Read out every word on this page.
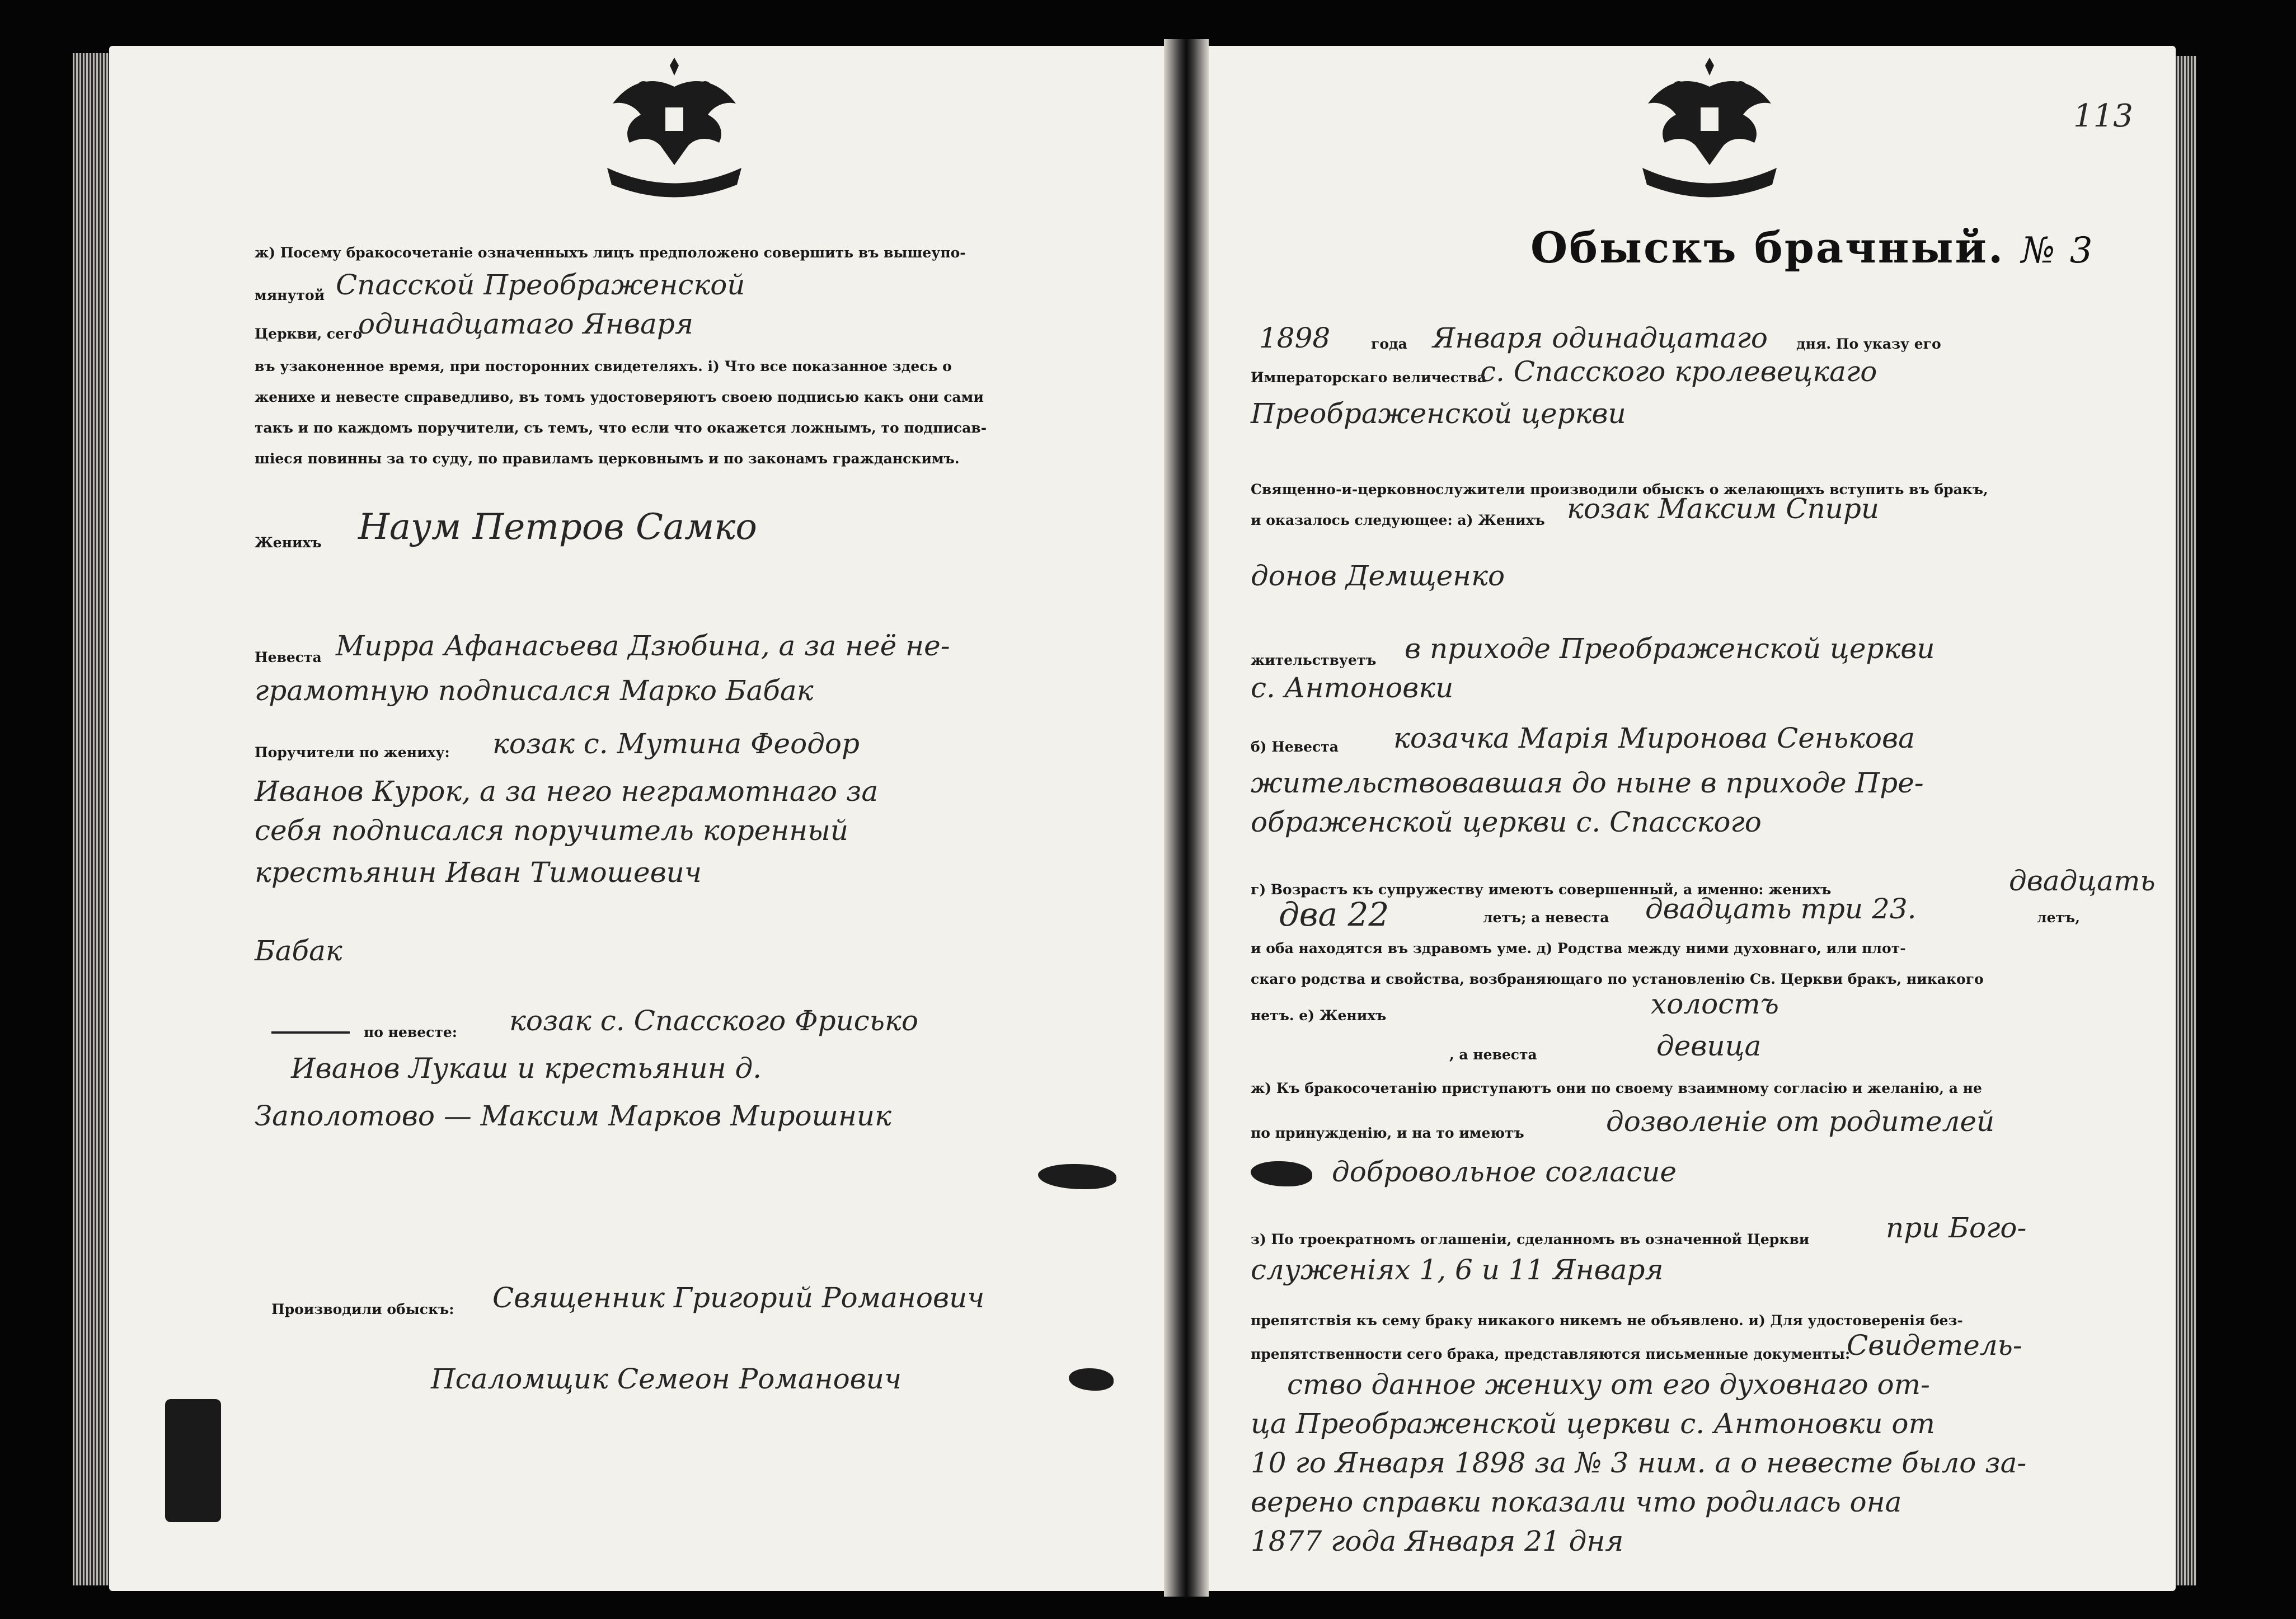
ж) Посему бракосочетанiе означенныхъ лицъ предположено совершить въ вышеупо-
мянутой Спасской Преображенской
Церкви, сего
одинадцатаго Января
въ узаконенное время, при посторонних свидетеляхъ. i) Что все показанное здесь о
женихе и невесте справедливо, въ томъ удостоверяютъ своею подписью какъ они сами
такъ и по каждомъ поручители, съ темъ, что если что окажется ложнымъ, то подписав-
шiеся повинны за то суду, по правиламъ церковнымъ и по законамъ гражданскимъ.
Женихъ Наум Петров Самко
Невеста Мирра Афанасьева Дзюбина, а за неё не-
грамотную подписался Марко Бабак
Поручители по жениху: козак с. Мутина Феодор
Иванов Курок, а за него неграмотнаго за
себя подписался поручитель коренный
крестьянин Иван Тимошевич
Бабак
по невесте: козак с. Спасского Фрисько
Иванов Лукаш и крестьянин д.
Заполотово — Максим Марков Мирошник
Производили обыскъ: Священник Григорий Романович
Псаломщик Семеон Романович
113
Обыскъ брачный. № 3
1898	года Января одинадцатаго дня. По указу его
Императорскаго величества
с. Спасского кролевецкаго
Преображенской церкви
Священно-и-церковнослужители производили обыскъ о желающихъ вступить въ бракъ,
и оказалось следующее: а) Женихъ козак Максим Спири
донов Демщенко
жительствуетъ в приходе Преображенской церкви
с. Антоновки
б) Невеста козачка Марiя Миронова Сенькова
жительствовавшая до ныне в приходе Пре-
ображенской церкви с. Спасского
г) Возрастъ къ супружеству имеютъ совершенный, а именно: женихъ	двадцать
два 22	летъ; а невеста двадцать три 23.	летъ,
и оба находятся въ здравомъ уме. д) Родства между ними духовнаго, или плот-
скаго родства и свойства, возбраняющаго по установленiю Св. Церкви бракъ, никакого
нетъ. е) Женихъ	холостъ
, а невеста	девица
ж) Къ бракосочетанiю приступаютъ они по своему взаимному согласiю и желанiю, а не
по принужденiю, и на то имеютъ	дозволенiе от родителей
добровольное согласие
з) По троекратномъ оглашенiи, сделанномъ въ означенной Церкви	при Бого-
служенiях 1, 6 и 11 Января
препятствiя къ сему браку никакого никемъ не объявлено. и) Для удостоверенiя без-
препятственности сего брака, представляются письменные документы:
Свидетель-
ство данное жениху от его духовнаго от-
ца Преображенской церкви с. Антоновки от
10 го Января 1898 за № 3 ним. а о невесте было за-
верено справки показали что родилась она
1877 года Января 21 дня
